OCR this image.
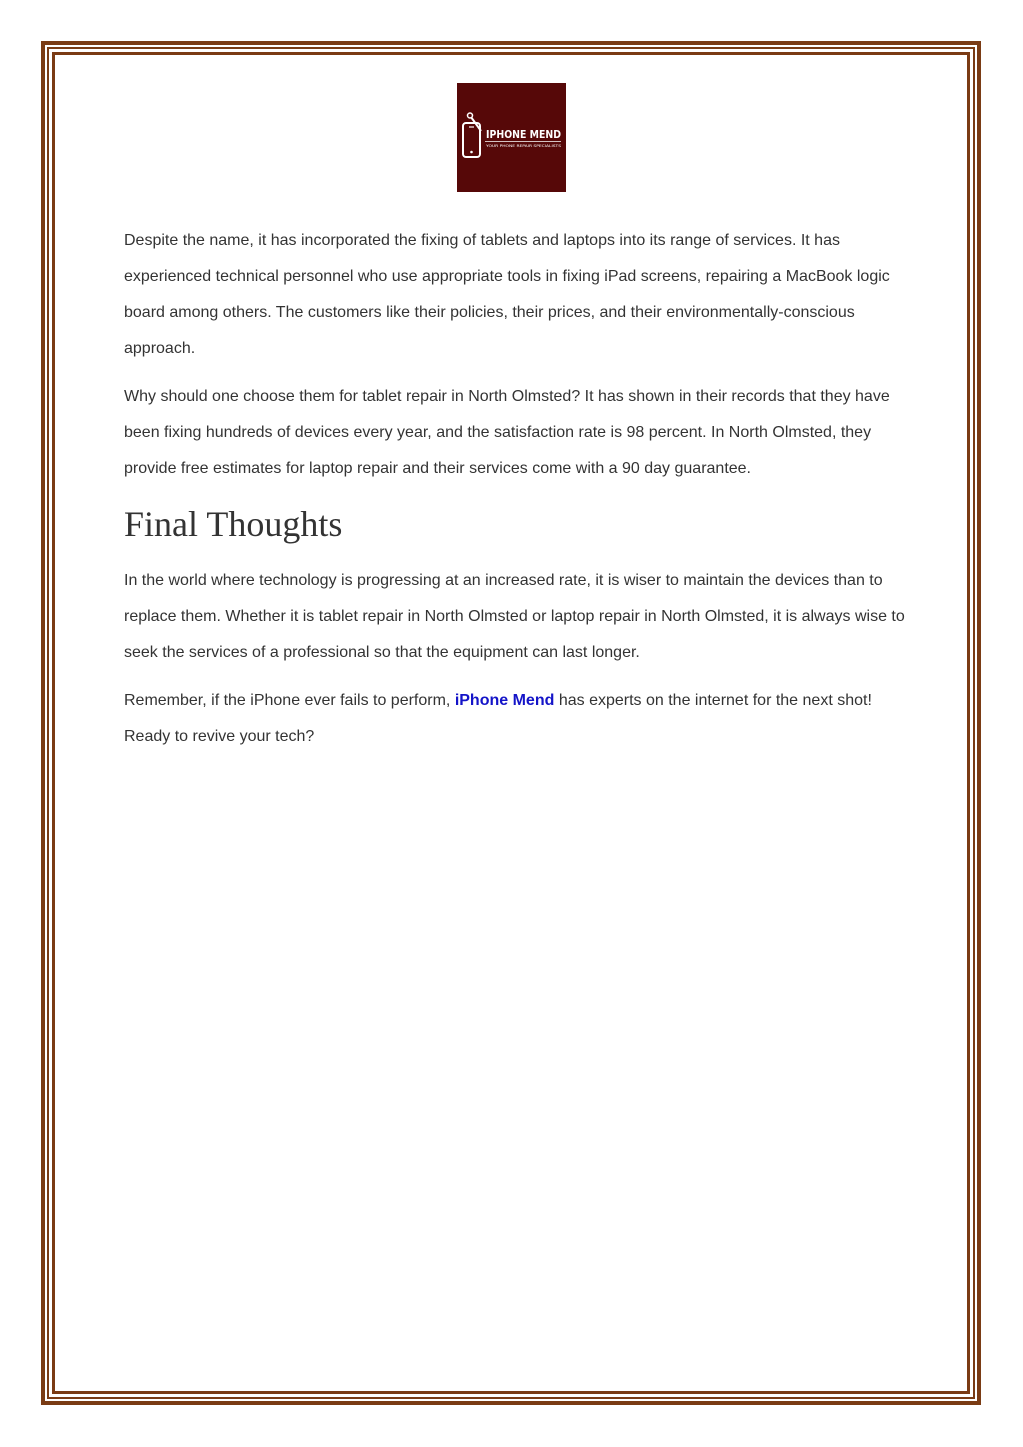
IPHONE MEND
YOUR PHONE REPAIR SPECIALISTS

Despite the name, it has incorporated the fixing of tablets and laptops into its range of services. It has experienced technical personnel who use appropriate tools in fixing iPad screens, repairing a MacBook logic board among others. The customers like their policies, their prices, and their environmentally-conscious approach.

Why should one choose them for tablet repair in North Olmsted? It has shown in their records that they have been fixing hundreds of devices every year, and the satisfaction rate is 98 percent. In North Olmsted, they provide free estimates for laptop repair and their services come with a 90 day guarantee.

Final Thoughts

In the world where technology is progressing at an increased rate, it is wiser to maintain the devices than to replace them. Whether it is tablet repair in North Olmsted or laptop repair in North Olmsted, it is always wise to seek the services of a professional so that the equipment can last longer.

Remember, if the iPhone ever fails to perform, iPhone Mend has experts on the internet for the next shot! Ready to revive your tech?
